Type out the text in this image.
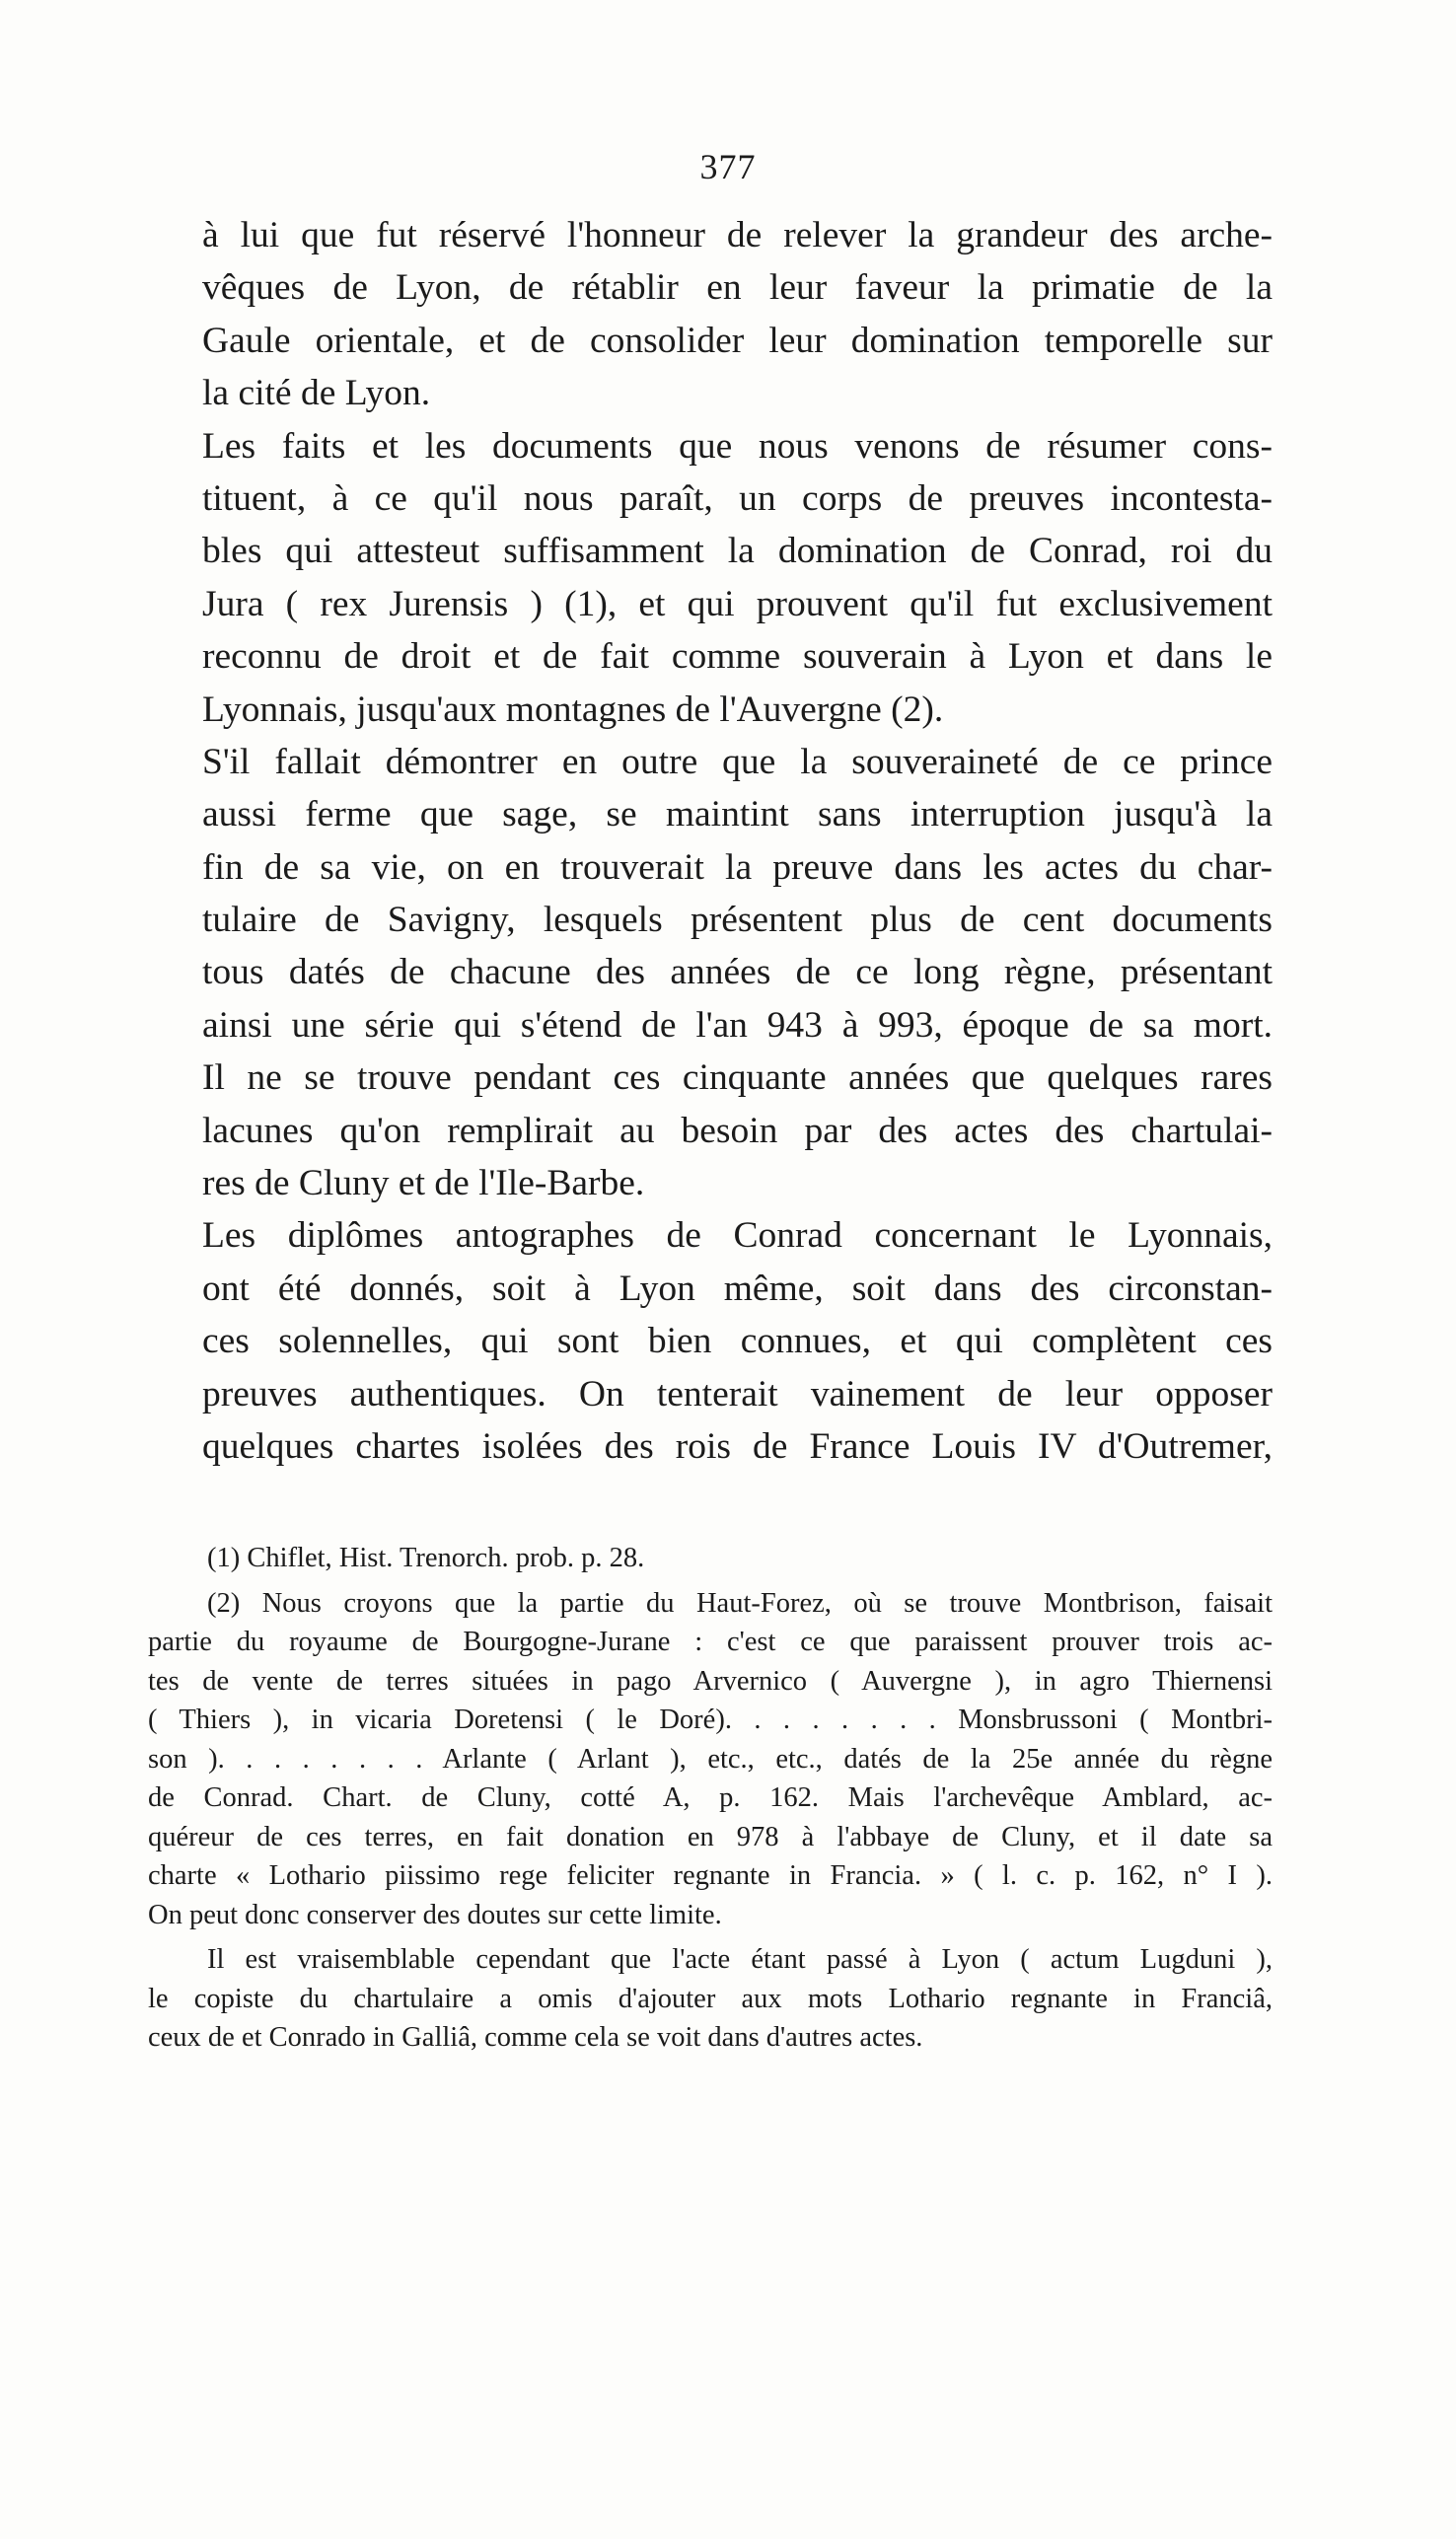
377
à lui que fut réservé l'honneur de relever la grandeur des arche-
vêques de Lyon, de rétablir en leur faveur la primatie de la
Gaule orientale, et de consolider leur domination temporelle sur
la cité de Lyon.
Les faits et les documents que nous venons de résumer cons-
tituent, à ce qu'il nous paraît, un corps de preuves incontesta-
bles qui attesteut suffisamment la domination de Conrad, roi du
Jura ( rex Jurensis ) (1), et qui prouvent qu'il fut exclusivement
reconnu de droit et de fait comme souverain à Lyon et dans le
Lyonnais, jusqu'aux montagnes de l'Auvergne (2).
S'il fallait démontrer en outre que la souveraineté de ce prince
aussi ferme que sage, se maintint sans interruption jusqu'à la
fin de sa vie, on en trouverait la preuve dans les actes du char-
tulaire de Savigny, lesquels présentent plus de cent documents
tous datés de chacune des années de ce long règne, présentant
ainsi une série qui s'étend de l'an 943 à 993, époque de sa mort.
Il ne se trouve pendant ces cinquante années que quelques rares
lacunes qu'on remplirait au besoin par des actes des chartulai-
res de Cluny et de l'Ile-Barbe.
Les diplômes antographes de Conrad concernant le Lyonnais,
ont été donnés, soit à Lyon même, soit dans des circonstan-
ces solennelles, qui sont bien connues, et qui complètent ces
preuves authentiques. On tenterait vainement de leur opposer
quelques chartes isolées des rois de France Louis IV d'Outremer,
(1) Chiflet, Hist. Trenorch. prob. p. 28.
(2) Nous croyons que la partie du Haut-Forez, où se trouve Montbrison, faisait
partie du royaume de Bourgogne-Jurane : c'est ce que paraissent prouver trois ac-
tes de vente de terres situées in pago Arvernico ( Auvergne ), in agro Thiernensi
( Thiers ), in vicaria Doretensi ( le Doré). . . . . . . . Monsbrussoni ( Montbri-
son ). . . . . . . . Arlante ( Arlant ), etc., etc., datés de la 25e année du règne
de Conrad. Chart. de Cluny, cotté A, p. 162. Mais l'archevêque Amblard, ac-
quéreur de ces terres, en fait donation en 978 à l'abbaye de Cluny, et il date sa
charte « Lothario piissimo rege feliciter regnante in Francia. » ( l. c. p. 162, n° I ).
On peut donc conserver des doutes sur cette limite.
Il est vraisemblable cependant que l'acte étant passé à Lyon ( actum Lugduni ),
le copiste du chartulaire a omis d'ajouter aux mots Lothario regnante in Franciâ,
ceux de et Conrado in Galliâ, comme cela se voit dans d'autres actes.
